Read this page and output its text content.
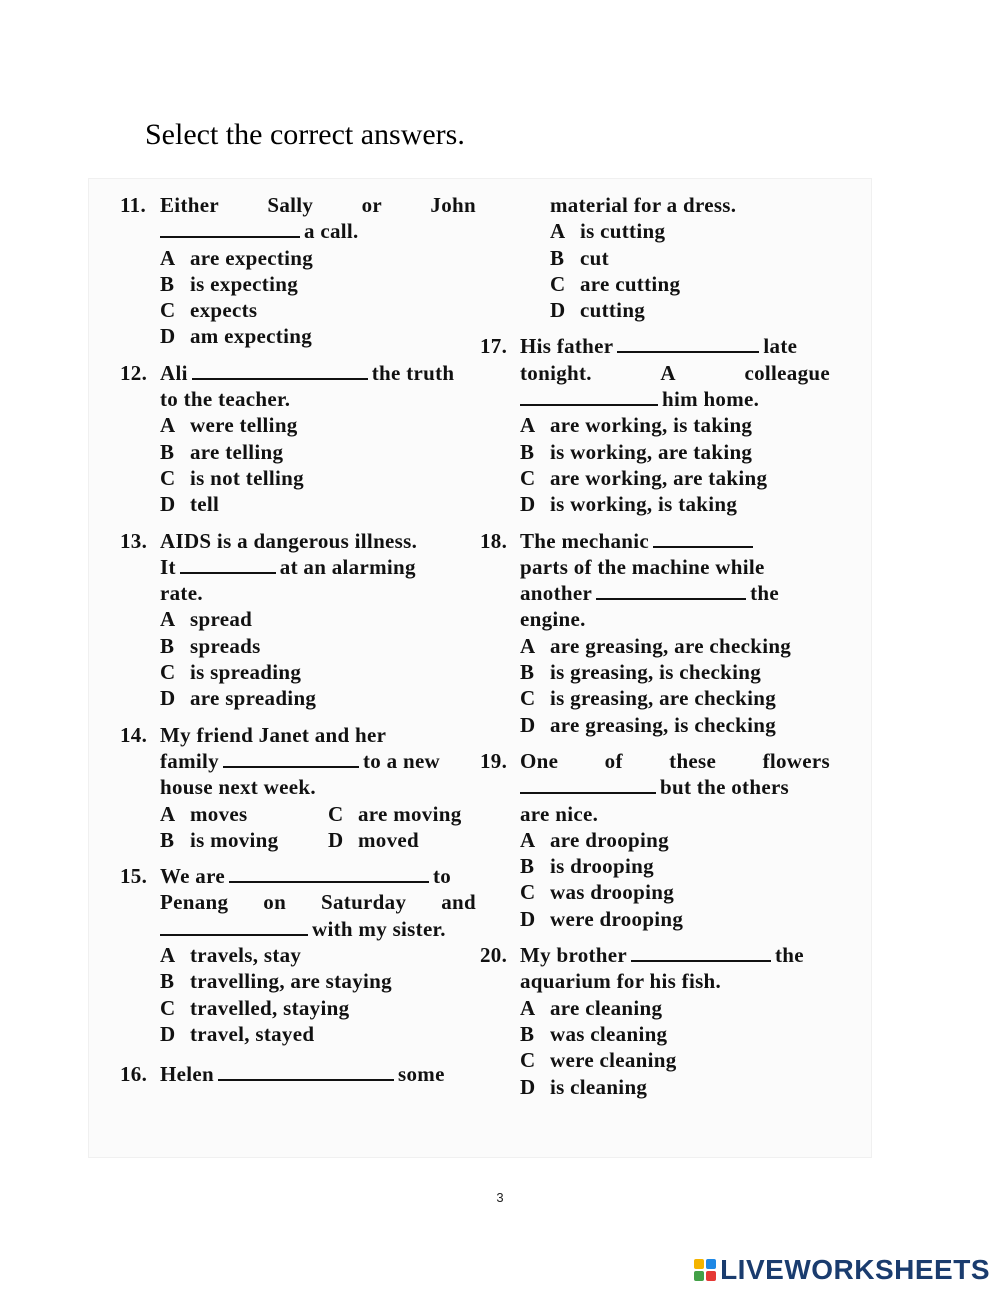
Select the correct answers.
11. Either Sally or John
a call.
A are expecting
B is expecting
C expects
D am expecting
12. Ali	the truth
to the teacher.
A were telling
B are telling
C is not telling
D tell
13. AIDS is a dangerous illness.
It	at an alarming
rate.
A spread
B spreads
C is spreading
D are spreading
14. My friend Janet and her
family	to a new
house next week.
A moves	C are moving
B is moving D moved
15. We are	to
Penang on Saturday and
with my sister.
A travels, stay
B travelling, are staying
C travelled, staying
D travel, stayed
16. Helen	some
material for a dress.
A is cutting
B cut
C are cutting
D cutting
17. His father	late
tonight.	A	colleague
him home.
A are working, is taking
B is working, are taking
C are working, are taking
D is working, is taking
18. The mechanic
parts of the machine while
another	the
engine.
A are greasing, are checking
B is greasing, is checking
C is greasing, are checking
D are greasing, is checking
19. One of these flowers
but the others
are nice.
A are drooping
B is drooping
C was drooping
D were drooping
20. My brother	the
aquarium for his fish.
A are cleaning
B was cleaning
C were cleaning
D is cleaning
3
LIVEWORKSHEETS
